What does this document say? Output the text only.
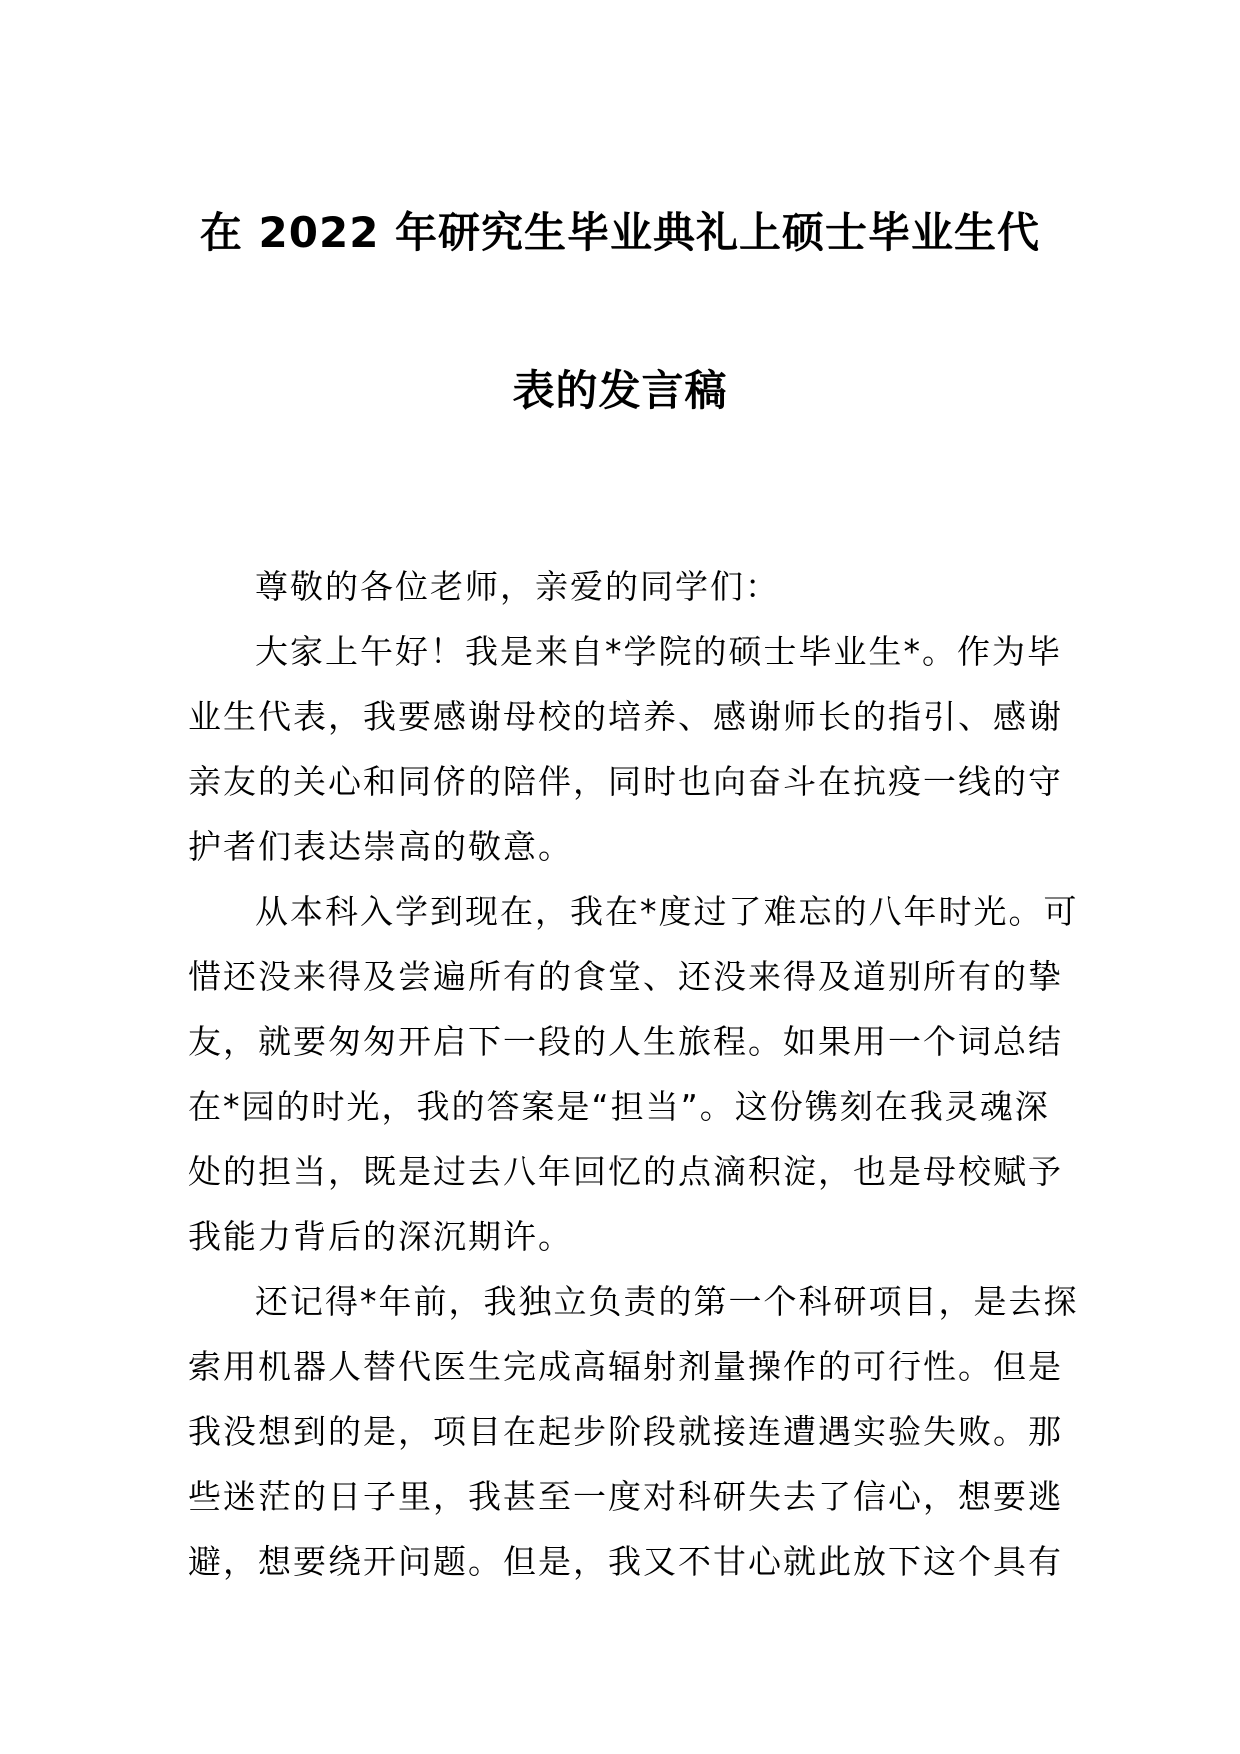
在 2022 年研究生毕业典礼上硕士毕业生代
表的发言稿

尊敬的各位老师，亲爱的同学们：

大家上午好！我是来自*学院的硕士毕业生*。作为毕
业生代表，我要感谢母校的培养、感谢师长的指引、感谢
亲友的关心和同侪的陪伴，同时也向奋斗在抗疫一线的守
护者们表达崇高的敬意。

从本科入学到现在，我在*度过了难忘的八年时光。可
惜还没来得及尝遍所有的食堂、还没来得及道别所有的挚
友，就要匆匆开启下一段的人生旅程。如果用一个词总结
在*园的时光，我的答案是“担当”。这份镌刻在我灵魂深
处的担当，既是过去八年回忆的点滴积淀，也是母校赋予
我能力背后的深沉期许。

还记得*年前，我独立负责的第一个科研项目，是去探
索用机器人替代医生完成高辐射剂量操作的可行性。但是
我没想到的是，项目在起步阶段就接连遭遇实验失败。那
些迷茫的日子里，我甚至一度对科研失去了信心，想要逃
避，想要绕开问题。但是，我又不甘心就此放下这个具有
